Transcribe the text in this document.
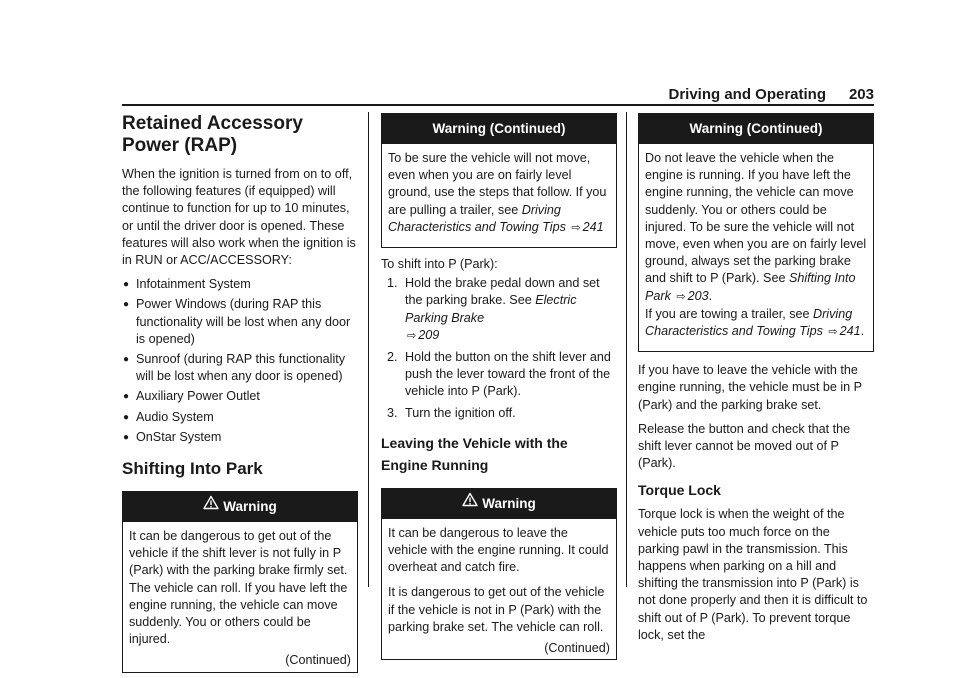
Driving and Operating 203
Retained Accessory Power (RAP)

When the ignition is turned from on to off, the following features (if equipped) will continue to function for up to 10 minutes, or until the driver door is opened. These features will also work when the ignition is in RUN or ACC/ACCESSORY:

● Infotainment System
● Power Windows (during RAP this functionality will be lost when any door is opened)
● Sunroof (during RAP this functionality will be lost when any door is opened)
● Auxiliary Power Outlet
● Audio System
● OnStar System
Shifting Into Park
Warning

It can be dangerous to get out of the vehicle if the shift lever is not fully in P (Park) with the parking brake firmly set. The vehicle can roll. If you have left the engine running, the vehicle can move suddenly. You or others could be injured.

(Continued)
Warning (Continued)

To be sure the vehicle will not move, even when you are on fairly level ground, use the steps that follow. If you are pulling a trailer, see Driving Characteristics and Towing Tips ⇨ 241

To shift into P (Park):

1. Hold the brake pedal down and set the parking brake. See Electric Parking Brake
⇨ 209
2. Hold the button on the shift lever and push the lever toward the front of the vehicle into P (Park).
3. Turn the ignition off.
Leaving the Vehicle with the Engine Running
Warning

It can be dangerous to leave the vehicle with the engine running. It could overheat and catch fire.

It is dangerous to get out of the vehicle if the vehicle is not in P (Park) with the parking brake set. The vehicle can roll.

(Continued)
Warning (Continued)

Do not leave the vehicle when the engine is running. If you have left the engine running, the vehicle can move suddenly. You or others could be injured. To be sure the vehicle will not move, even when you are on fairly level ground, always set the parking brake and shift to P (Park). See Shifting Into Park ⇨ 203.

If you are towing a trailer, see Driving Characteristics and Towing Tips ⇨ 241.

If you have to leave the vehicle with the engine running, the vehicle must be in P (Park) and the parking brake set.

Release the button and check that the shift lever cannot be moved out of P (Park).

Torque Lock

Torque lock is when the weight of the vehicle puts too much force on the parking pawl in the transmission. This happens when parking on a hill and shifting the transmission into P (Park) is not done properly and then it is difficult to shift out of P (Park). To prevent torque lock, set the
